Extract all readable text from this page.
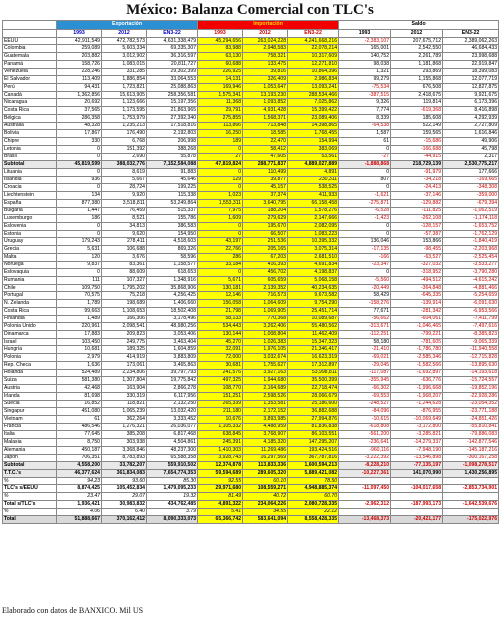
México: Balanza Comercial con TLC's
	Exportación			Importación			Saldo		
	1993	2012	EN3-22	1993	2012	EN3-22	1993	2012	EN3-22
EEUU	42,911,549	472,782,573	4,631,338,479	45,294,656	263,024,228	4,241,668,216	-2,383,107	207,675,712	2,389,062,263
Colombia	259,089	5,603,334	69,335,307	83,988	2,948,583	22,078,214	165,001	2,542,550	46,684,433
Guatemala	203,882	3,012,902	36,316,597	63,130	758,321	10,317,609	140,752	2,261,789	23,998,688
Panamá	158,726	1,083,015	20,811,727	60,688	133,475	12,271,810	98,038	1,181,868	22,919,847
Venezuela	228,246	331,285	29,302,399	226,925	39,816	10,864,396	1,321	293,869	18,399,083
El Salvador	113,409	1,886,854	33,064,553	14,131	326,409	2,986,834	99,279	1,155,868	12,077,719
Perú	94,431	1,723,821	25,088,863	169,946	1,053,647	13,093,241	-75,534	676,508	12,827,875
Canadá	1,362,856	15,613,905	258,356,581	1,575,341	13,193,230	288,534,466	-387,515	2,418,675	9,921,675
Nicaragua	20,692	1,123,666	15,197,356	11,368	1,093,852	7,025,862	9,326	119,814	6,173,396
Costa Rica	37,565	1,173,595	21,863,965	29,791	4,931,428	15,399,422	7,774	-619,368	8,416,898
Bélgica	286,358	1,753,979	27,392,340	275,855	1,568,371	23,089,406	8,339	185,608	4,292,939
Australia	48,328	1,235,213	17,518,816	113,866	713,848	14,398,865	-64,538	522,149	2,727,809
Bolivia	17,867	176,490	2,192,803	16,250	18,585	1,768,455	1,587	159,565	1,616,846
Chipre	330	6,768	206,998	189	22,470	154,994	61	-15,686	49,906
Letonia	0	151,392	388,268	0	58,412	383,069	0	-166,688	45,798
Brasil	0	2,690	55,878	27	47,605	53,561	-27	-44,915	2,317
Subtotal	45,819,599	388,032,776	7,152,584,088	47,819,824	288,771,837	4,889,027,889	-1,888,868	218,729,139	2,530,775,217
Lituania	0	8,619	91,883	0	110,499	4,891	0	-91,979	177,666
Islandia	936	5,667	45,646	129	39,877	230,311	807	-34,218	-169,665
Croacia	0	28,724	199,225	0	45,157	538,525	0	-24,413	-348,308
Liechtenstein	134	9,920	115,338	1,023	37,374	411,933	-1,621	-37,146	-359,000
España	877,380	3,518,811	53,249,864	1,553,311	3,640,795	66,158,458	-275,871	-129,882	-679,394
Bulgaria	1,447	76,459	515,337	7,975	188,204	1,578,276	-6,528	-111,825	-1,062,519
Luxemburgo	186	8,521	155,786	1,609	279,629	2,147,666	-1,423	-262,108	-1,174,118
Eslovenia	0	34,813	386,583	0	195,670	2,082,095	0	-128,157	-1,653,752
Estonia	0	9,620	154,950	0	66,507	1,083,223	0	-57,387	-1,762,129
Uruguay	179,243	278,411	4,518,603	43,197	251,536	10,395,332	136,046	153,866	-1,840,419
Grecia	5,631	106,688	869,326	22,766	205,165	3,075,314	-17,135	-98,455	-2,203,968
Malta	120	3,676	58,596	286	67,203	2,681,510	-166	-63,527	-2,525,454
Noruega	9,837	83,361	1,158,577	33,184	416,393	4,691,834	-23,347	-327,032	-3,533,277
Eslovaquia	0	88,609	618,653	0	456,702	4,198,837	0	-318,952	-3,790,280
Rumania	111	107,327	1,348,916	5,671	605,659	5,068,158	-5,560	-494,512	-4,615,242
Chile	109,750	1,795,202	35,868,906	130,181	2,139,352	40,234,635	-20,449	-364,848	-4,881,466
Portugal	70,575	75,218	4,256,425	12,146	716,573	9,673,582	58,429	-645,335	-5,254,659
N. Zelanda	1,789	198,689	1,406,660	156,058	1,064,609	9,754,290	-158,276	-139,914	-6,091,630
Costa Rica	99,663	1,108,653	18,502,408	21,798	1,069,905	25,451,714	77,671	-281,342	-6,953,566
Finlandia	1,489	166,306	3,178,496	58,133	770,368	10,089,687	-56,662	-604,061	-7,411,799
Polonia Unido	220,961	2,098,541	48,980,256	534,443	3,262,406	55,480,562	-313,671	-1,046,465	-7,497,616
Dinamarca	17,883	209,823	3,053,406	130,144	1,008,804	11,462,409	-112,251	-799,221	-8,385,823
Israel	103,450	249,775	3,463,404	45,270	1,026,383	15,347,323	58,180	-781,605	-9,065,339
Hungría	10,681	189,325	1,604,859	32,091	1,976,105	21,346,417	-21,410	-1,786,780	-11,940,558
Polonia	2,979	414,919	3,883,809	72,000	3,032,674	16,623,319	-69,021	-2,585,346	-12,715,828
Rep. Checa	1,636	173,061	3,465,863	30,681	1,755,627	17,312,897	-29,045	-1,582,566	-13,895,630
Holanda	524,489	2,234,806	39,797,793	241,576	3,927,163	53,998,811	-117,087	-1,692,897	-14,193,618
Suiza	581,380	1,307,804	19,775,842	497,325	1,944,680	35,500,399	-355,945	-636,776	-15,724,557
Austria	42,468	163,904	2,866,278	108,770	2,164,689	22,718,474	-66,302	-1,996,668	-19,852,196
Irlanda	81,698	330,319	6,117,956	151,251	2,598,526	28,066,679	-69,553	-1,968,207	-22,928,286
Suecia	16,852	118,821	2,132,250	265,339	1,353,581	25,186,600	-248,527	-1,244,628	-23,054,352
Singapur	451,080	1,065,239	13,032,420	211,180	2,172,152	36,882,688	-84,096	-876,955	-23,771,188
Vietnam	61	362,264	3,333,452	10,676	3,893,985	27,994,876	-10,615	-10,069,649	-24,851,426
Francia	486,546	1,276,321	26,036,077	1,105,332	4,488,959	81,836,838	-618,808	-3,172,800	-55,810,841
Italia	77,645	385,208	6,817,468	638,845	3,768,907	86,103,551	-561,200	-3,285,821	-79,886,083
Malasia	8,750	303,938	4,504,861	245,391	4,185,320	147,295,207	-236,641	-14,279,337	-142,877,546
Alemania	450,187	3,368,846	48,237,300	1,410,303	11,269,486	193,424,516	-960,116	-7,948,190	-145,187,216
Japón	706,351	8,783,893	65,588,358	3,928,743	16,297,569	367,787,816	-3,222,392	-13,546,898	-300,167,258
Subtotal	4,558,200	33,782,207	559,910,502	12,374,878	113,833,336	1,600,594,213	-8,228,210	-77,135,197	-1,098,278,517
T.T.C.'s	46,377,624	361,834,083	7,654,774,353	59,594,689	289,605,320	5,889,421,082	-10,227,361	141,070,990	1,430,256,895
%	94.23	93.60	85.30	92.55	60.10	78.50			
TLC's s/EEUU	8,874,425	105,452,834	1,479,095,233	29,971,680	108,559,271	4,948,885,374	-11,097,450	-104,017,658	-2,853,734,901
%	23.47	29.07	19.32	81.49	40.72	60.70			
Total s/TLC's	1,936,421	30,983,832	434,762,485	4,891,322	234,064,226	2,080,728,335	-2,962,312	-187,993,173	-1,642,539,676
%	4.06	6.40	3.79	5.41	34.55	22.12			
Total	51,888,667	370,162,412	8,090,333,073	65,366,742	583,641,094	8,558,428,335	-13,468,373	-20,421,177	-175,022,976
Elaborado con datos de BANXICO. Mil US
